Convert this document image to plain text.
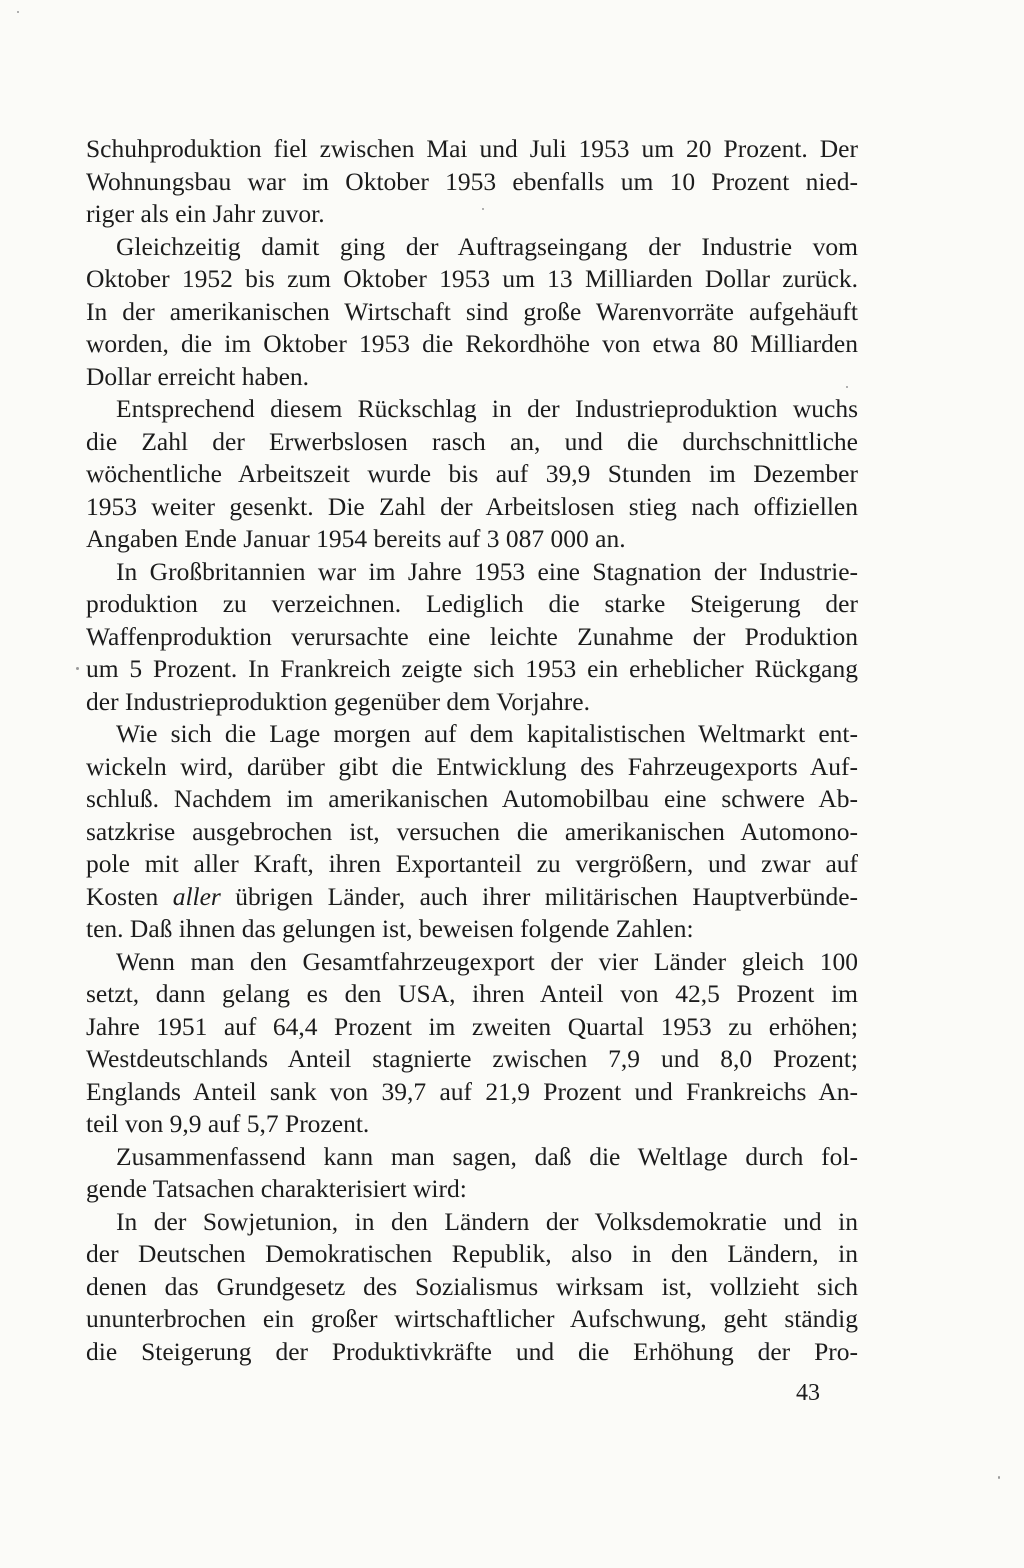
Schuhproduktion fiel zwischen Mai und Juli 1953 um 20 Prozent. Der
Wohnungsbau war im Oktober 1953 ebenfalls um 10 Prozent nied-
riger als ein Jahr zuvor.
Gleichzeitig damit ging der Auftragseingang der Industrie vom
Oktober 1952 bis zum Oktober 1953 um 13 Milliarden Dollar zurück.
In der amerikanischen Wirtschaft sind große Warenvorräte aufgehäuft
worden, die im Oktober 1953 die Rekordhöhe von etwa 80 Milliarden
Dollar erreicht haben.
Entsprechend diesem Rückschlag in der Industrieproduktion wuchs
die Zahl der Erwerbslosen rasch an, und die durchschnittliche
wöchentliche Arbeitszeit wurde bis auf 39,9 Stunden im Dezember
1953 weiter gesenkt. Die Zahl der Arbeitslosen stieg nach offiziellen
Angaben Ende Januar 1954 bereits auf 3 087 000 an.
In Großbritannien war im Jahre 1953 eine Stagnation der Industrie-
produktion zu verzeichnen. Lediglich die starke Steigerung der
Waffenproduktion verursachte eine leichte Zunahme der Produktion
um 5 Prozent. In Frankreich zeigte sich 1953 ein erheblicher Rückgang
der Industrieproduktion gegenüber dem Vorjahre.
Wie sich die Lage morgen auf dem kapitalistischen Weltmarkt ent-
wickeln wird, darüber gibt die Entwicklung des Fahrzeugexports Auf-
schluß. Nachdem im amerikanischen Automobilbau eine schwere Ab-
satzkrise ausgebrochen ist, versuchen die amerikanischen Automono-
pole mit aller Kraft, ihren Exportanteil zu vergrößern, und zwar auf
Kosten aller übrigen Länder, auch ihrer militärischen Hauptverbünde-
ten. Daß ihnen das gelungen ist, beweisen folgende Zahlen:
Wenn man den Gesamtfahrzeugexport der vier Länder gleich 100
setzt, dann gelang es den USA, ihren Anteil von 42,5 Prozent im
Jahre 1951 auf 64,4 Prozent im zweiten Quartal 1953 zu erhöhen;
Westdeutschlands Anteil stagnierte zwischen 7,9 und 8,0 Prozent;
Englands Anteil sank von 39,7 auf 21,9 Prozent und Frankreichs An-
teil von 9,9 auf 5,7 Prozent.
Zusammenfassend kann man sagen, daß die Weltlage durch fol-
gende Tatsachen charakterisiert wird:
In der Sowjetunion, in den Ländern der Volksdemokratie und in
der Deutschen Demokratischen Republik, also in den Ländern, in
denen das Grundgesetz des Sozialismus wirksam ist, vollzieht sich
ununterbrochen ein großer wirtschaftlicher Aufschwung, geht ständig
die Steigerung der Produktivkräfte und die Erhöhung der Pro-
43
